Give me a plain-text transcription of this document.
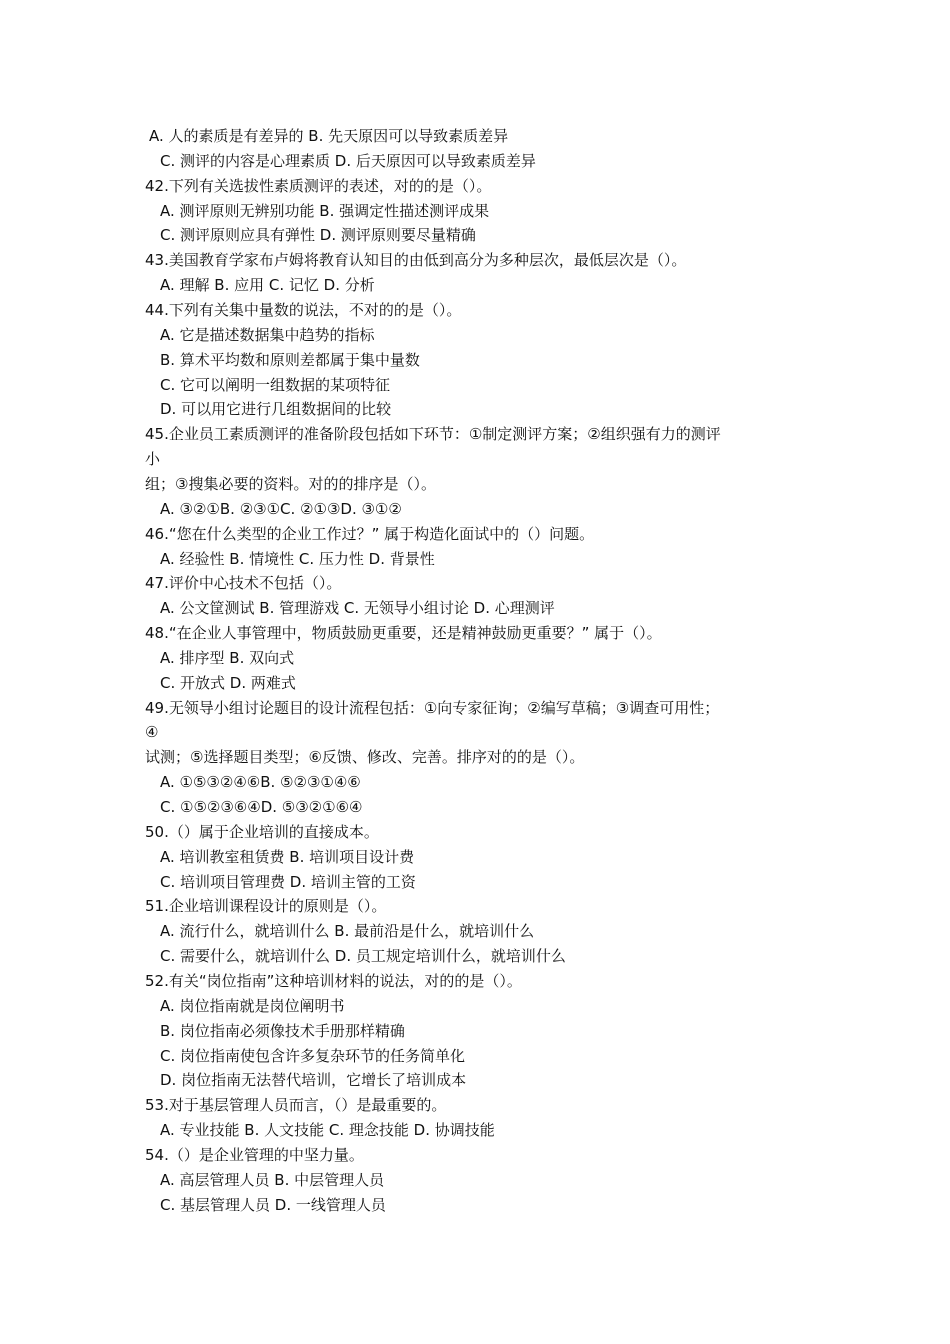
A. 人的素质是有差异的 B. 先天原因可以导致素质差异
C. 测评的内容是心理素质 D. 后天原因可以导致素质差异
42.下列有关选拔性素质测评的表述，对的的是（）。
A. 测评原则无辨别功能 B. 强调定性描述测评成果
C. 测评原则应具有弹性 D. 测评原则要尽量精确
43.美国教育学家布卢姆将教育认知目的由低到高分为多种层次，最低层次是（）。
A. 理解 B. 应用 C. 记忆 D. 分析
44.下列有关集中量数的说法，不对的的是（）。
A. 它是描述数据集中趋势的指标
B. 算术平均数和原则差都属于集中量数
C. 它可以阐明一组数据的某项特征
D. 可以用它进行几组数据间的比较
45.企业员工素质测评的准备阶段包括如下环节：①制定测评方案；②组织强有力的测评
小
组；③搜集必要的资料。对的的排序是（）。
A. ③②①B. ②③①C. ②①③D. ③①②
46.“您在什么类型的企业工作过？” 属于构造化面试中的（）问题。
A. 经验性 B. 情境性 C. 压力性 D. 背景性
47.评价中心技术不包括（）。
A. 公文筐测试 B. 管理游戏 C. 无领导小组讨论 D. 心理测评
48.“在企业人事管理中，物质鼓励更重要，还是精神鼓励更重要？” 属于（）。
A. 排序型 B. 双向式
C. 开放式 D. 两难式
49.无领导小组讨论题目的设计流程包括：①向专家征询；②编写草稿；③调查可用性；
④
试测；⑤选择题目类型；⑥反馈、修改、完善。排序对的的是（）。
A. ①⑤③②④⑥B. ⑤②③①④⑥
C. ①⑤②③⑥④D. ⑤③②①⑥④
50.（）属于企业培训的直接成本。
A. 培训教室租赁费 B. 培训项目设计费
C. 培训项目管理费 D. 培训主管的工资
51.企业培训课程设计的原则是（）。
A. 流行什么，就培训什么 B. 最前沿是什么，就培训什么
C. 需要什么，就培训什么 D. 员工规定培训什么，就培训什么
52.有关“岗位指南”这种培训材料的说法，对的的是（）。
A. 岗位指南就是岗位阐明书
B. 岗位指南必须像技术手册那样精确
C. 岗位指南使包含许多复杂环节的任务简单化
D. 岗位指南无法替代培训，它增长了培训成本
53.对于基层管理人员而言，（）是最重要的。
A. 专业技能 B. 人文技能 C. 理念技能 D. 协调技能
54.（）是企业管理的中坚力量。
A. 高层管理人员 B. 中层管理人员
C. 基层管理人员 D. 一线管理人员
